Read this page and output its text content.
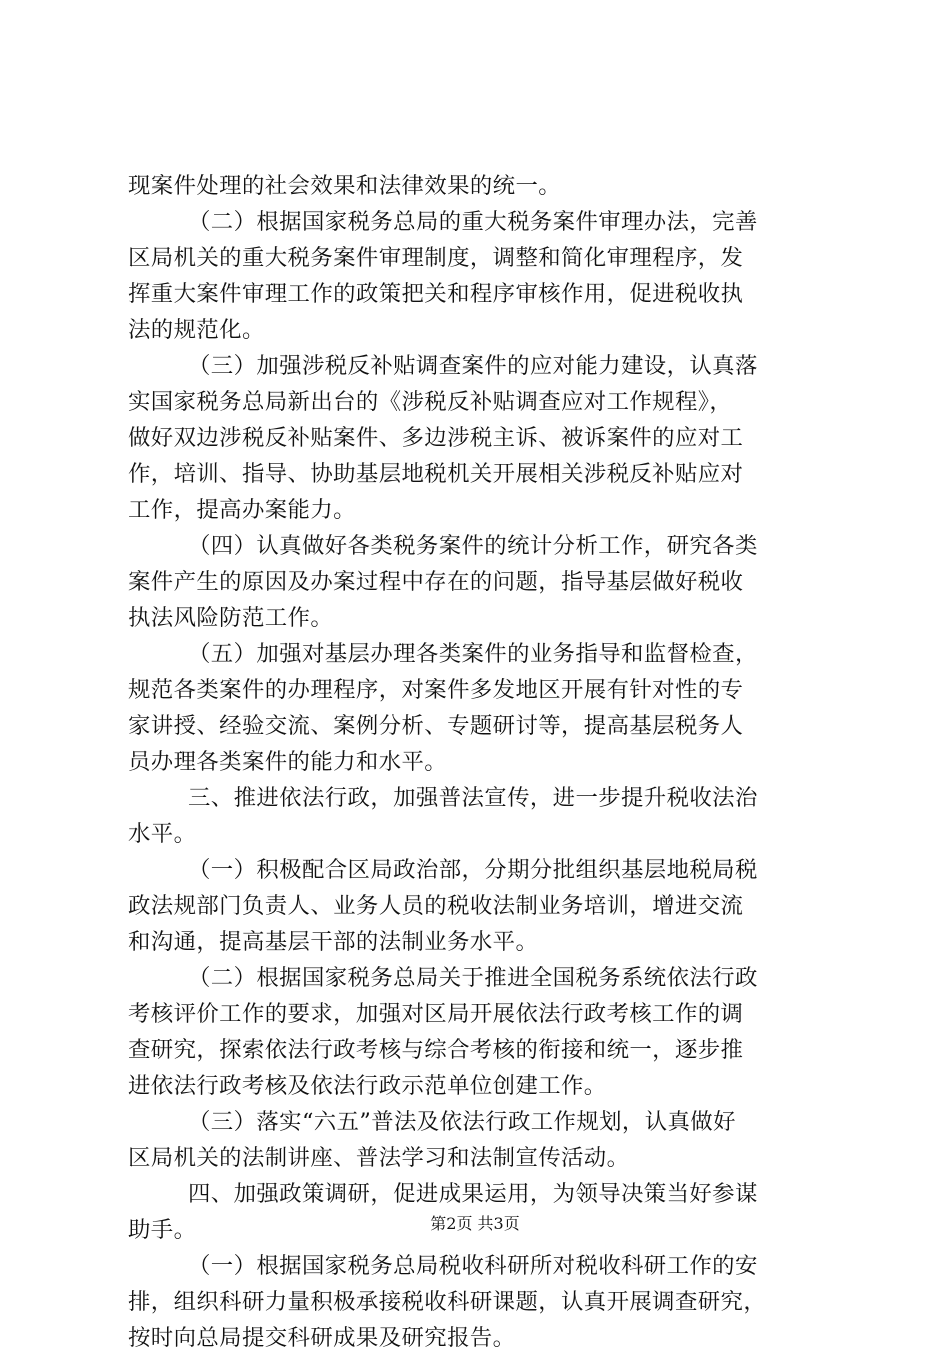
现案件处理的社会效果和法律效果的统一。
（二）根据国家税务总局的重大税务案件审理办法，完善
区局机关的重大税务案件审理制度，调整和简化审理程序，发
挥重大案件审理工作的政策把关和程序审核作用，促进税收执
法的规范化。
（三）加强涉税反补贴调查案件的应对能力建设，认真落
实国家税务总局新出台的《涉税反补贴调查应对工作规程》，
做好双边涉税反补贴案件、多边涉税主诉、被诉案件的应对工
作，培训、指导、协助基层地税机关开展相关涉税反补贴应对
工作，提高办案能力。
（四）认真做好各类税务案件的统计分析工作，研究各类
案件产生的原因及办案过程中存在的问题，指导基层做好税收
执法风险防范工作。
（五）加强对基层办理各类案件的业务指导和监督检查，
规范各类案件的办理程序，对案件多发地区开展有针对性的专
家讲授、经验交流、案例分析、专题研讨等，提高基层税务人
员办理各类案件的能力和水平。
三、推进依法行政，加强普法宣传，进一步提升税收法治
水平。
（一）积极配合区局政治部，分期分批组织基层地税局税
政法规部门负责人、业务人员的税收法制业务培训，增进交流
和沟通，提高基层干部的法制业务水平。
（二）根据国家税务总局关于推进全国税务系统依法行政
考核评价工作的要求，加强对区局开展依法行政考核工作的调
查研究，探索依法行政考核与综合考核的衔接和统一，逐步推
进依法行政考核及依法行政示范单位创建工作。
（三）落实“六五”普法及依法行政工作规划，认真做好
区局机关的法制讲座、普法学习和法制宣传活动。
四、加强政策调研，促进成果运用，为领导决策当好参谋
助手。
（一）根据国家税务总局税收科研所对税收科研工作的安
排，组织科研力量积极承接税收科研课题，认真开展调查研究，
按时向总局提交科研成果及研究报告。
第2页 共3页
